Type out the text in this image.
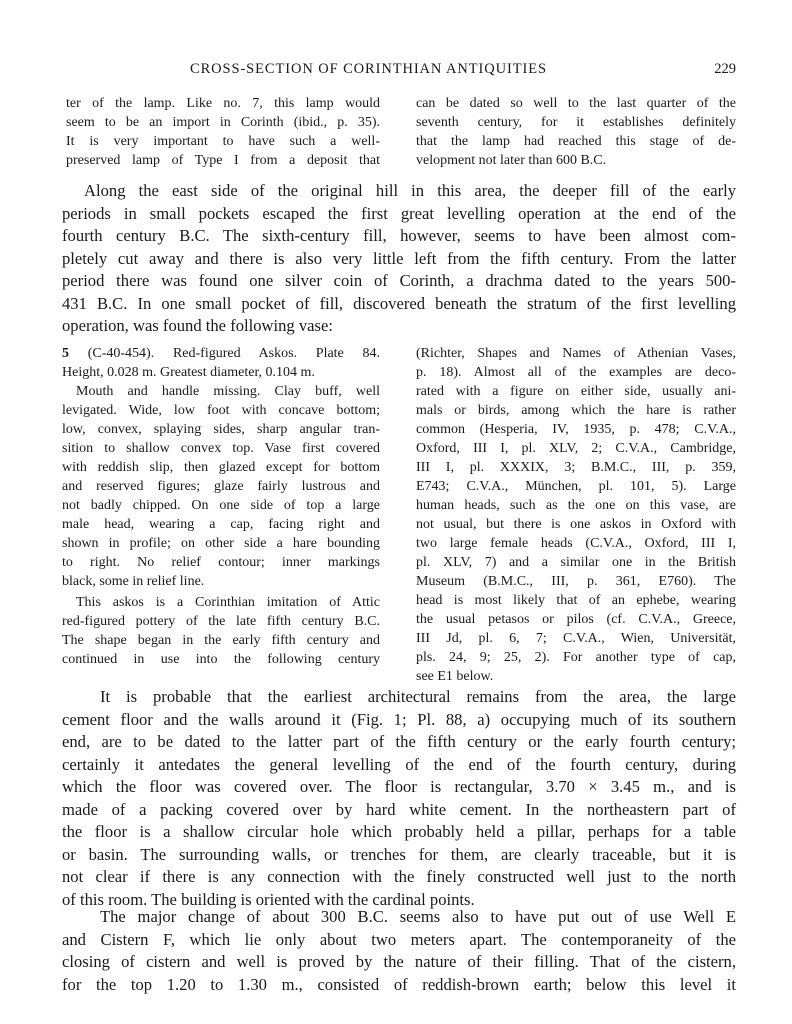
CROSS-SECTION OF CORINTHIAN ANTIQUITIES	229
ter of the lamp. Like no. 7, this lamp would
seem to be an import in Corinth (ibid., p. 35).
It is very important to have such a well-
preserved lamp of Type I from a deposit that
can be dated so well to the last quarter of the
seventh century, for it establishes definitely
that the lamp had reached this stage of de-
velopment not later than 600 B.C.
Along the east side of the original hill in this area, the deeper fill of the early
periods in small pockets escaped the first great levelling operation at the end of the
fourth century B.C. The sixth-century fill, however, seems to have been almost com-
pletely cut away and there is also very little left from the fifth century. From the latter
period there was found one silver coin of Corinth, a drachma dated to the years 500-
431 B.C. In one small pocket of fill, discovered beneath the stratum of the first levelling
operation, was found the following vase:
5 (C-40-454). Red-figured Askos. Plate 84.
Height, 0.028 m. Greatest diameter, 0.104 m.
Mouth and handle missing. Clay buff, well
levigated. Wide, low foot with concave bottom;
low, convex, splaying sides, sharp angular tran-
sition to shallow convex top. Vase first covered
with reddish slip, then glazed except for bottom
and reserved figures; glaze fairly lustrous and
not badly chipped. On one side of top a large
male head, wearing a cap, facing right and
shown in profile; on other side a hare bounding
to right. No relief contour; inner markings
black, some in relief line.
This askos is a Corinthian imitation of Attic
red-figured pottery of the late fifth century B.C.
The shape began in the early fifth century and
continued in use into the following century
(Richter, Shapes and Names of Athenian Vases,
p. 18). Almost all of the examples are deco-
rated with a figure on either side, usually ani-
mals or birds, among which the hare is rather
common (Hesperia, IV, 1935, p. 478; C.V.A.,
Oxford, III I, pl. XLV, 2; C.V.A., Cambridge,
III I, pl. XXXIX, 3; B.M.C., III, p. 359,
E743; C.V.A., München, pl. 101, 5). Large
human heads, such as the one on this vase, are
not usual, but there is one askos in Oxford with
two large female heads (C.V.A., Oxford, III I,
pl. XLV, 7) and a similar one in the British
Museum (B.M.C., III, p. 361, E760). The
head is most likely that of an ephebe, wearing
the usual petasos or pilos (cf. C.V.A., Greece,
III Jd, pl. 6, 7; C.V.A., Wien, Universität,
pls. 24, 9; 25, 2). For another type of cap,
see E1 below.
It is probable that the earliest architectural remains from the area, the large
cement floor and the walls around it (Fig. 1; Pl. 88, a) occupying much of its southern
end, are to be dated to the latter part of the fifth century or the early fourth century;
certainly it antedates the general levelling of the end of the fourth century, during
which the floor was covered over. The floor is rectangular, 3.70 × 3.45 m., and is
made of a packing covered over by hard white cement. In the northeastern part of
the floor is a shallow circular hole which probably held a pillar, perhaps for a table
or basin. The surrounding walls, or trenches for them, are clearly traceable, but it is
not clear if there is any connection with the finely constructed well just to the north
of this room. The building is oriented with the cardinal points.
The major change of about 300 B.C. seems also to have put out of use Well E
and Cistern F, which lie only about two meters apart. The contemporaneity of the
closing of cistern and well is proved by the nature of their filling. That of the cistern,
for the top 1.20 to 1.30 m., consisted of reddish-brown earth; below this level it
